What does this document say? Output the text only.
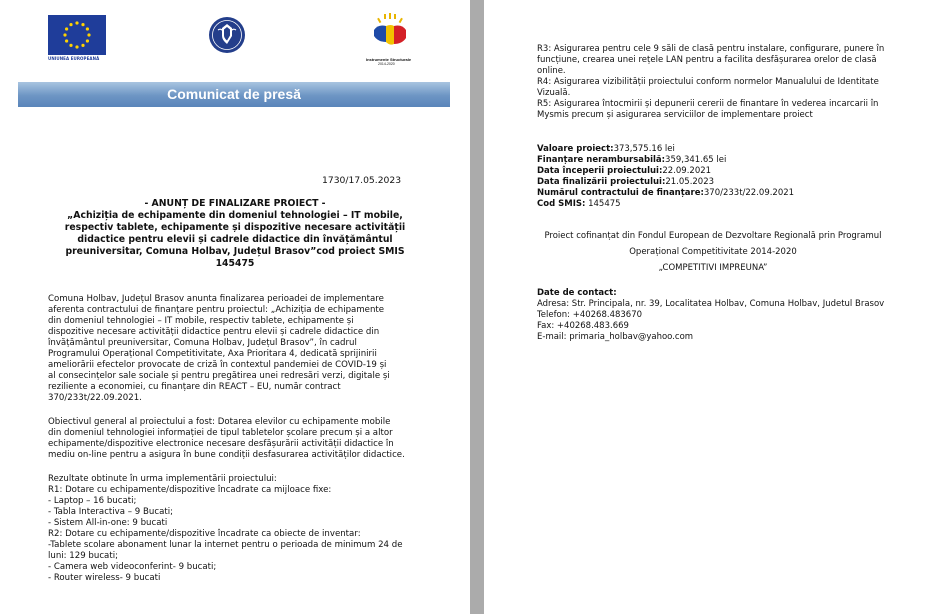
UNIUNEA EUROPEANĂ	Instrumente Structurale
2014-2020
Comunicat de presă
1730/17.05.2023
- ANUNȚ DE FINALIZARE PROIECT -
„Achiziția de echipamente din domeniul tehnologiei – IT mobile,
respectiv tablete, echipamente și dispozitive necesare activității
didactice pentru elevii și cadrele didactice din învățământul
preuniversitar, Comuna Holbav, Județul Brasov”cod proiect SMIS
145475
Comuna Holbav, Județul Brasov anunta finalizarea perioadei de implementare
aferenta contractului de finanțare pentru proiectul: „Achiziția de echipamente
din domeniul tehnologiei – IT mobile, respectiv tablete, echipamente și
dispozitive necesare activității didactice pentru elevii și cadrele didactice din
învățământul preuniversitar, Comuna Holbav, Județul Brasov”, în cadrul
Programului Operațional Competitivitate, Axa Prioritara 4, dedicată sprijinirii
ameliorării efectelor provocate de criză în contextul pandemiei de COVID-19 și
al consecințelor sale sociale și pentru pregătirea unei redresări verzi, digitale și
reziliente a economiei, cu finanțare din REACT – EU, număr contract
370/233t/22.09.2021.
Obiectivul general al proiectului a fost: Dotarea elevilor cu echipamente mobile
din domeniul tehnologiei informației de tipul tabletelor școlare precum și a altor
echipamente/dispozitive electronice necesare desfășurării activității didactice în
mediu on-line pentru a asigura în bune condiții desfasurarea activităților didactice.
Rezultate obtinute în urma implementării proiectului:
R1: Dotare cu echipamente/dispozitive încadrate ca mijloace fixe:
- Laptop – 16 bucati;
- Tabla Interactiva – 9 Bucati;
- Sistem All-in-one: 9 bucati
R2: Dotare cu echipamente/dispozitive încadrate ca obiecte de inventar:
-Tablete scolare abonament lunar la internet pentru o perioada de minimum 24 de
luni: 129 bucati;
- Camera web videoconferint- 9 bucati;
- Router wireless- 9 bucati
R3: Asigurarea pentru cele 9 săli de clasă pentru instalare, configurare, punere în
funcțiune, crearea unei rețele LAN pentru a facilita desfășurarea orelor de clasă
online.
R4: Asigurarea vizibilității proiectului conform normelor Manualului de Identitate
Vizuală.
R5: Asigurarea întocmirii și depunerii cererii de finantare în vederea incarcarii în
Mysmis precum și asigurarea serviciilor de implementare proiect
Valoare proiect:373,575.16 lei
Finanțare nerambursabilă:359,341.65 lei
Data începerii proiectului:22.09.2021
Data finalizării proiectului:21.05.2023
Numărul contractului de finanțare:370/233t/22.09.2021
Cod SMIS: 145475
Proiect cofinanțat din Fondul European de Dezvoltare Regională prin Programul
Operațional Competitivitate 2014-2020
„COMPETITIVI IMPREUNA”
Date de contact:
Adresa: Str. Principala, nr. 39, Localitatea Holbav, Comuna Holbav, Judetul Brasov
Telefon: +40268.483670
Fax: +40268.483.669
E-mail: primaria_holbav@yahoo.com
